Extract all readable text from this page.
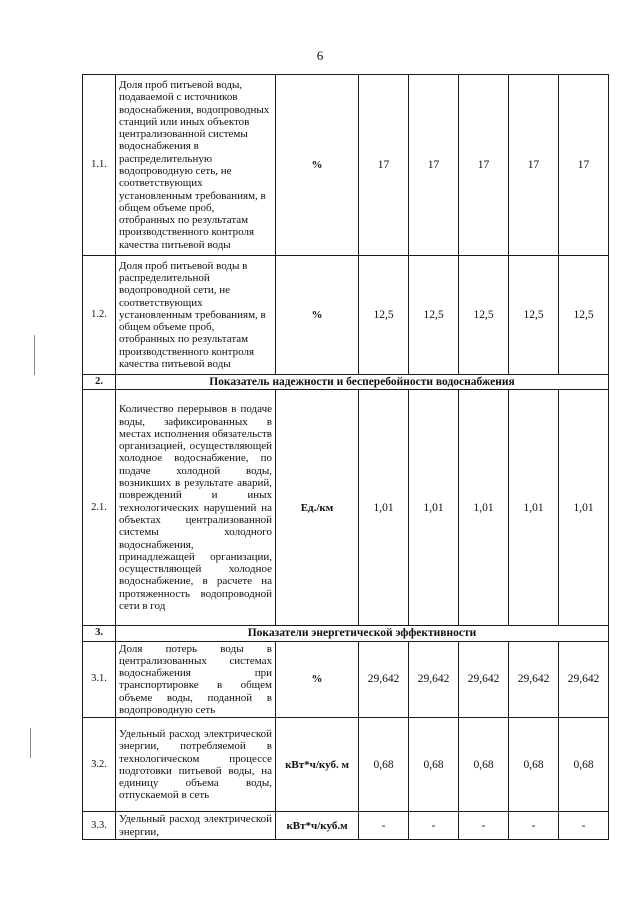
6
1.1.	Доля проб питьевой воды, подаваемой с источников водоснабжения, водопроводных станций или иных объектов централизованной системы водоснабжения в распределительную водопроводную сеть, не соответствующих установленным требованиям, в общем объеме проб, отобранных по результатам производственного контроля качества питьевой воды	%	17	17	17	17	17
1.2.	Доля проб питьевой воды в распределительной водопроводной сети, не соответствующих установленным требованиям, в общем объеме проб, отобранных по результатам производственного контроля качества питьевой воды	%	12,5	12,5	12,5	12,5	12,5
2.	Показатель надежности и бесперебойности водоснабжения						
2.1.	Количество перерывов в подаче воды, зафиксированных в местах исполнения обязательств организацией, осуществляющей холодное водоснабжение, по подаче холодной воды, возникших в результате аварий, повреждений и иных технологических нарушений на объектах централизованной системы холодного водоснабжения, принадлежащей организации, осуществляющей холодное водоснабжение, в расчете на протяженность водопроводной сети в год	Ед./км	1,01	1,01	1,01	1,01	1,01
3.	Показатели энергетической эффективности						
3.1.	Доля потерь воды в централизованных системах водоснабжения при транспортировке в общем объеме воды, поданной в водопроводную сеть	%	29,642	29,642	29,642	29,642	29,642
3.2.	Удельный расход электрической энергии, потребляемой в технологическом процессе подготовки питьевой воды, на единицу объема воды, отпускаемой в сеть	кВт*ч/куб. м	0,68	0,68	0,68	0,68	0,68
3.3.	Удельный расход электрической энергии,	кВт*ч/куб.м	-	-	-	-	-
